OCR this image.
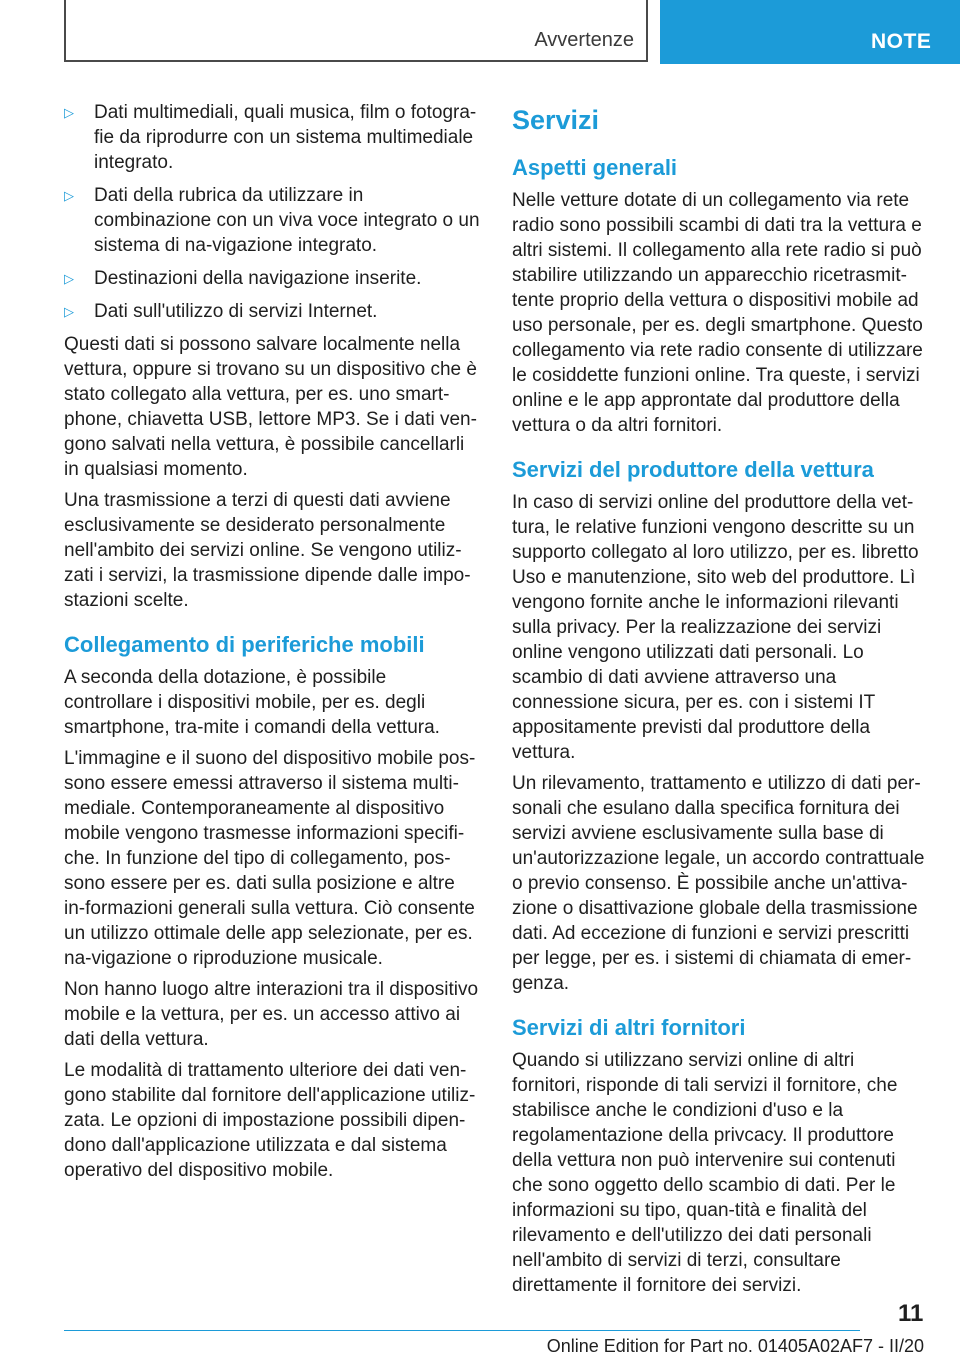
Avvertenze	NOTE

▷ Dati multimediali, quali musica, film o fotogra-fie da riprodurre con un sistema multimediale integrato.

▷ Dati della rubrica da utilizzare in combinazione con un viva voce integrato o un sistema di na-vigazione integrato.

▷ Destinazioni della navigazione inserite.

▷ Dati sull'utilizzo di servizi Internet.

Questi dati si possono salvare localmente nella vettura, oppure si trovano su un dispositivo che è stato collegato alla vettura, per es. uno smart-phone, chiavetta USB, lettore MP3. Se i dati ven-gono salvati nella vettura, è possibile cancellarli in qualsiasi momento.

Una trasmissione a terzi di questi dati avviene esclusivamente se desiderato personalmente nell'ambito dei servizi online. Se vengono utiliz-zati i servizi, la trasmissione dipende dalle impo-stazioni scelte.

Collegamento di periferiche mobili

A seconda della dotazione, è possibile controllare i dispositivi mobile, per es. degli smartphone, tra-mite i comandi della vettura.

L'immagine e il suono del dispositivo mobile pos-sono essere emessi attraverso il sistema multi-mediale. Contemporaneamente al dispositivo mobile vengono trasmesse informazioni specifi-che. In funzione del tipo di collegamento, pos-sono essere per es. dati sulla posizione e altre in-formazioni generali sulla vettura. Ciò consente un utilizzo ottimale delle app selezionate, per es. na-vigazione o riproduzione musicale.

Non hanno luogo altre interazioni tra il dispositivo mobile e la vettura, per es. un accesso attivo ai dati della vettura.

Le modalità di trattamento ulteriore dei dati ven-gono stabilite dal fornitore dell'applicazione utiliz-zata. Le opzioni di impostazione possibili dipen-dono dall'applicazione utilizzata e dal sistema operativo del dispositivo mobile.

Servizi
Aspetti generali

Nelle vetture dotate di un collegamento via rete radio sono possibili scambi di dati tra la vettura e altri sistemi. Il collegamento alla rete radio si può stabilire utilizzando un apparecchio ricetrasmit-tente proprio della vettura o dispositivi mobile ad uso personale, per es. degli smartphone. Questo collegamento via rete radio consente di utilizzare le cosiddette funzioni online. Tra queste, i servizi online e le app approntate dal produttore della vettura o da altri fornitori.

Servizi del produttore della vettura

In caso di servizi online del produttore della vet-tura, le relative funzioni vengono descritte su un supporto collegato al loro utilizzo, per es. libretto Uso e manutenzione, sito web del produttore. Lì vengono fornite anche le informazioni rilevanti sulla privacy. Per la realizzazione dei servizi online vengono utilizzati dati personali. Lo scambio di dati avviene attraverso una connessione sicura, per es. con i sistemi IT appositamente previsti dal produttore della vettura.

Un rilevamento, trattamento e utilizzo di dati per-sonali che esulano dalla specifica fornitura dei servizi avviene esclusivamente sulla base di un'autorizzazione legale, un accordo contrattuale o previo consenso. È possibile anche un'attiva-zione o disattivazione globale della trasmissione dati. Ad eccezione di funzioni e servizi prescritti per legge, per es. i sistemi di chiamata di emer-genza.

Servizi di altri fornitori

Quando si utilizzano servizi online di altri fornitori, risponde di tali servizi il fornitore, che stabilisce anche le condizioni d'uso e la regolamentazione della privcacy. Il produttore della vettura non può intervenire sui contenuti che sono oggetto dello scambio di dati. Per le informazioni su tipo, quan-tità e finalità del rilevamento e dell'utilizzo dei dati personali nell'ambito di servizi di terzi, consultare direttamente il fornitore dei servizi.

11
Online Edition for Part no. 01405A02AF7 - II/20
